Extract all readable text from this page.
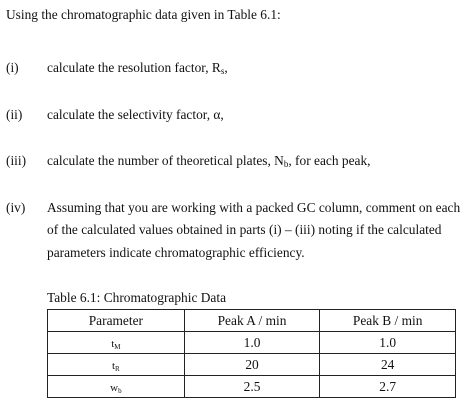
Using the chromatographic data given in Table 6.1:
(i) calculate the resolution factor, $R_s$,
(ii) calculate the selectivity factor, α,
(iii) calculate the number of theoretical plates, $N_b$, for each peak,
(iv) Assuming that you are working with a packed GC column, comment on each
of the calculated values obtained in parts (i) – (iii) noting if the calculated
parameters indicate chromatographic efficiency.
Table 6.1: Chromatographic Data
Parameter	Peak A / min	Peak B / min
$t_M$	1.0	1.0
$t_R$	20	24
$w_b$	2.5	2.7
